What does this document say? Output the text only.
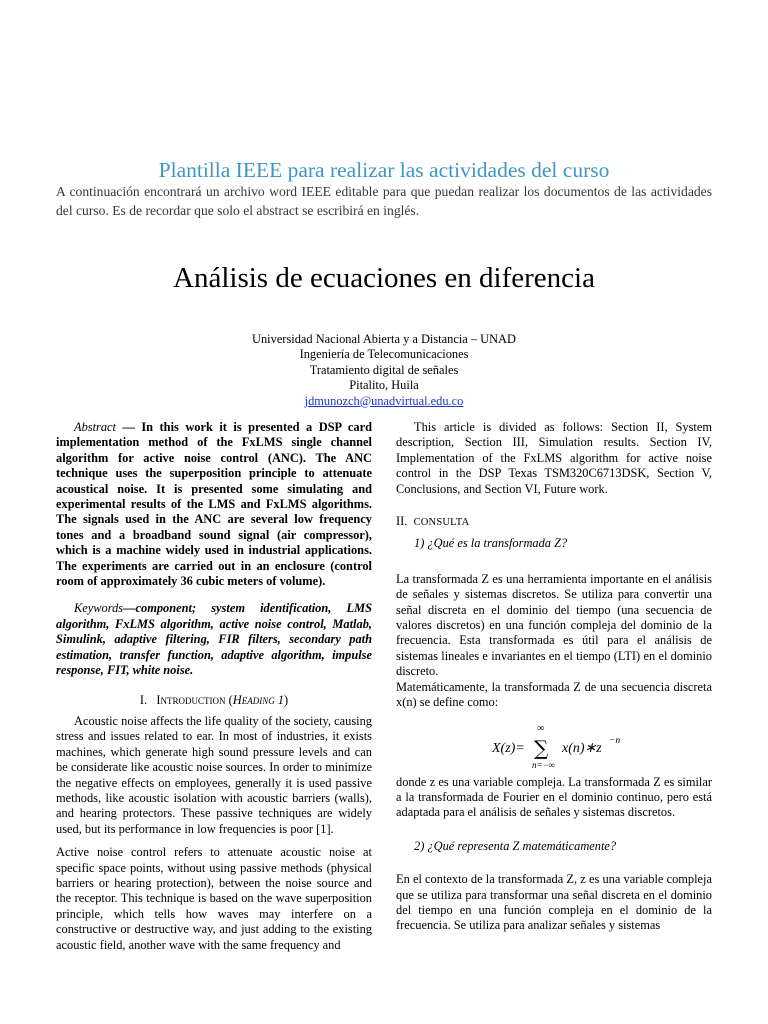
Plantilla IEEE para realizar las actividades del curso
A continuación encontrará un archivo word IEEE editable para que puedan realizar los documentos de las actividades del curso. Es de recordar que solo el abstract se escribirá en inglés.
Análisis de ecuaciones en diferencia
Universidad Nacional Abierta y a Distancia – UNAD
Ingeniería de Telecomunicaciones
Tratamiento digital de señales
Pitalito, Huila
jdmunozch@unadvirtual.edu.co

Abstract — In this work it is presented a DSP card implementation method of the FxLMS single channel algorithm for active noise control (ANC). The ANC technique uses the superposition principle to attenuate acoustical noise. It is presented some simulating and experimental results of the LMS and FxLMS algorithms. The signals used in the ANC are several low frequency tones and a broadband sound signal (air compressor), which is a machine widely used in industrial applications. The experiments are carried out in an enclosure (control room of approximately 36 cubic meters of volume).

Keywords—component; system identification, LMS algorithm, FxLMS algorithm, active noise control, Matlab, Simulink, adaptive filtering, FIR filters, secondary path estimation, transfer function, adaptive algorithm, impulse response, FIT, white noise.

I. Introduction (Heading 1)

Acoustic noise affects the life quality of the society, causing stress and issues related to ear. In most of industries, it exists machines, which generate high sound pressure levels and can be considerate like acoustic noise sources. In order to minimize the negative effects on employees, generally it is used passive methods, like acoustic isolation with acoustic barriers (walls), and hearing protectors. These passive techniques are widely used, but its performance in low frequencies is poor [1].

Active noise control refers to attenuate acoustic noise at specific space points, without using passive methods (physical barriers or hearing protection), between the noise source and the receptor. This technique is based on the wave superposition principle, which tells how waves may interfere on a constructive or destructive way, and just adding to the existing acoustic field, another wave with the same frequency and

This article is divided as follows: Section II, System description, Section III, Simulation results. Section IV, Implementation of the FxLMS algorithm for active noise control in the DSP Texas TSM320C6713DSK, Section V, Conclusions, and Section VI, Future work.

II. CONSULTA

1) ¿Qué es la transformada Z?

La transformada Z es una herramienta importante en el análisis de señales y sistemas discretos. Se utiliza para convertir una señal discreta en el dominio del tiempo (una secuencia de valores discretos) en una función compleja del dominio de la frecuencia. Esta transformada es útil para el análisis de sistemas lineales e invariantes en el tiempo (LTI) en el dominio discreto.

Matemáticamente, la transformada Z de una secuencia discreta x(n) se define como:

X(z)=
∞
∑
n=−∞
x(n)∗z −n

donde z es una variable compleja. La transformada Z es similar a la transformada de Fourier en el dominio continuo, pero está adaptada para el análisis de señales y sistemas discretos.

2) ¿Qué representa Z matemáticamente?

En el contexto de la transformada Z, z es una variable compleja que se utiliza para transformar una señal discreta en el dominio del tiempo en una función compleja en el dominio de la frecuencia. Se utiliza para analizar señales y sistemas
